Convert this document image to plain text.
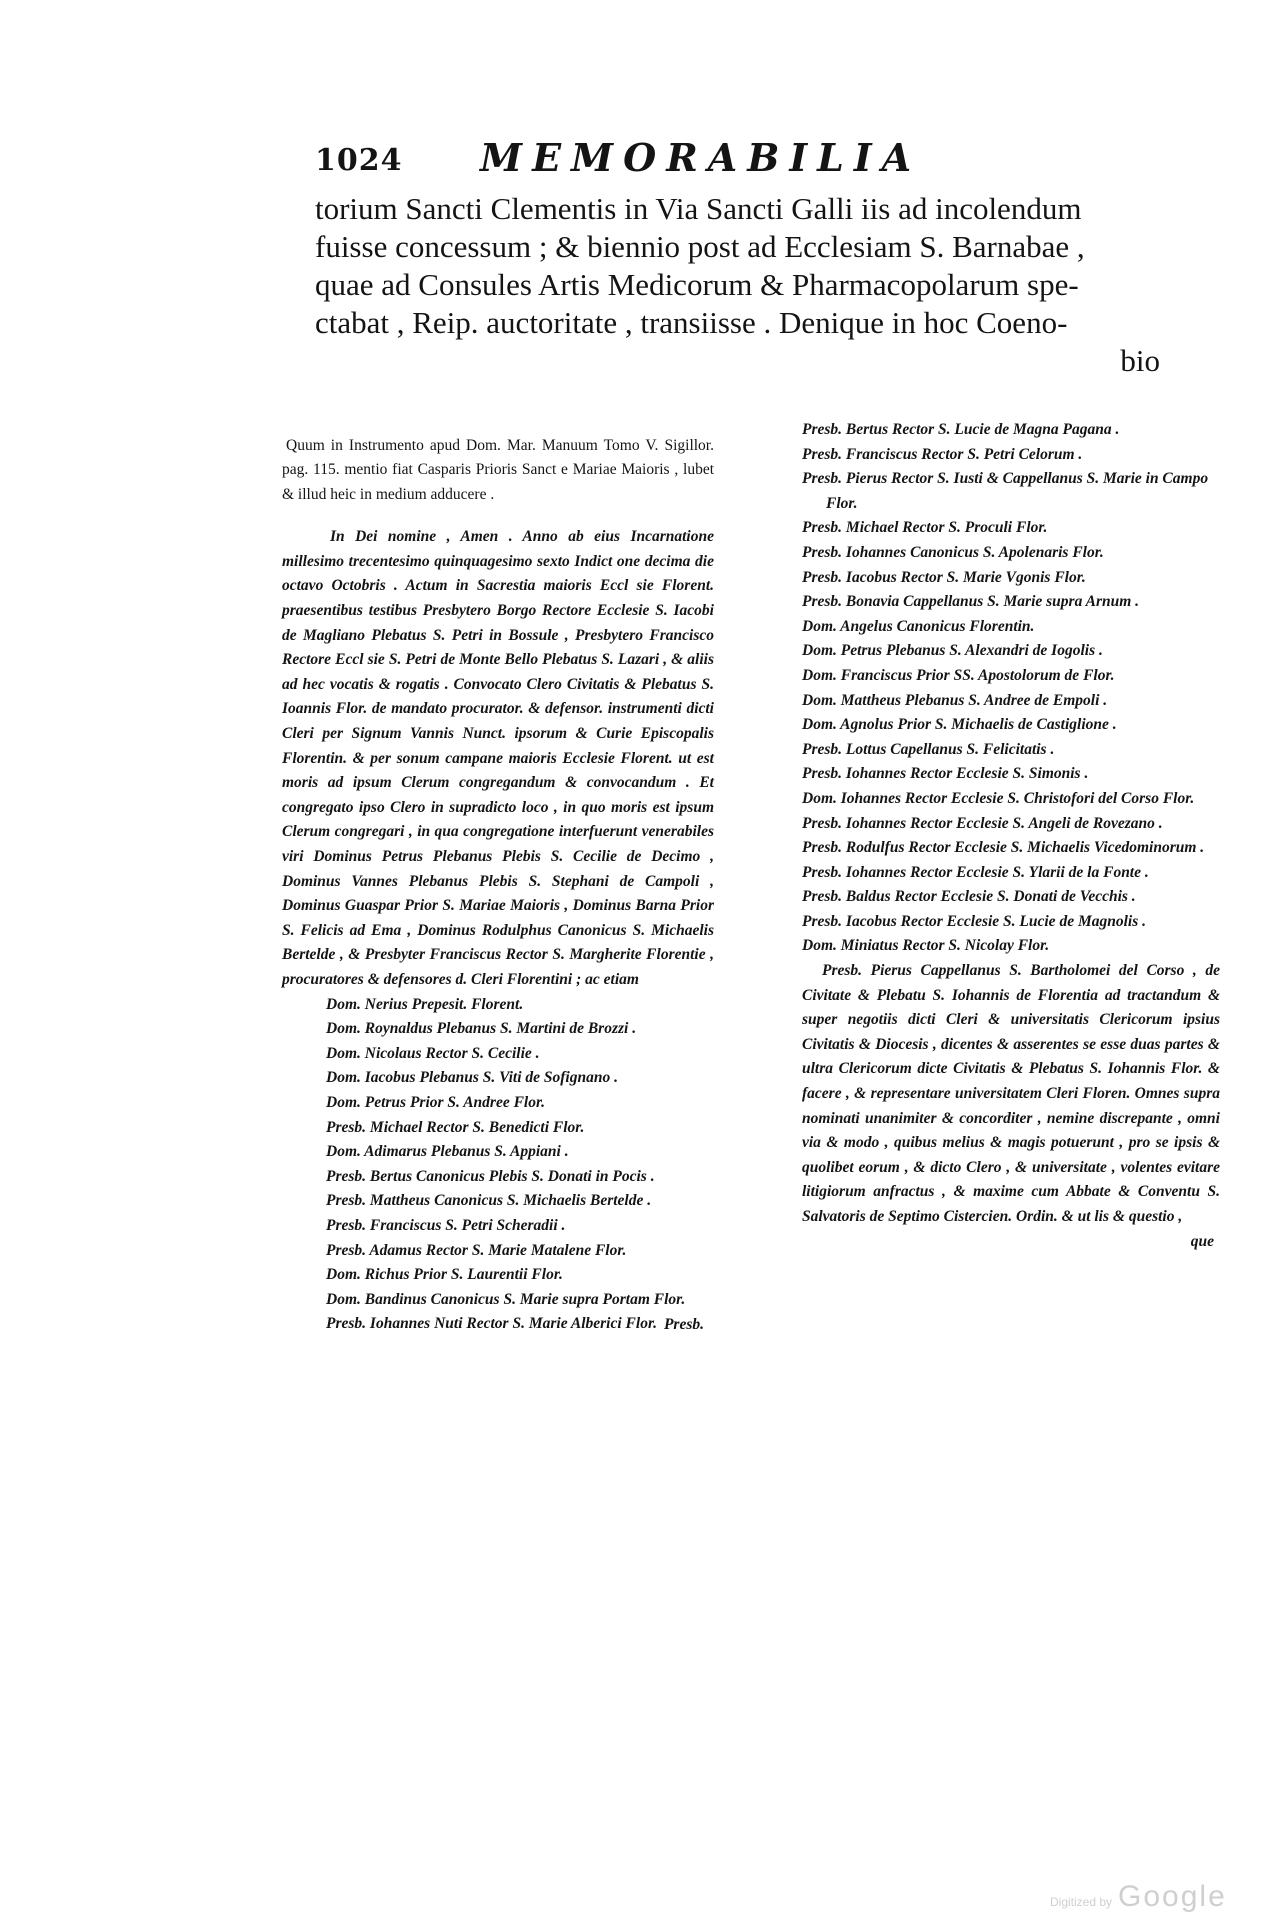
1024 MEMORABILIA
torium Sancti Clementis in Via Sancti Galli iis ad incolendum
fuisse concessum ; & biennio post ad Ecclesiam S. Barnabae ,
quae ad Consules Artis Medicorum & Pharmacopolarum spe-
ctabat , Reip. auctoritate , transiisse . Denique in hoc Coeno-
bio

Quum in Instrumento apud Dom. Mar. Manuum Tomo V. Sigillor. pag. 115. mentio fiat Casparis Prioris Sanct e Mariae Maioris , lubet & illud heic in medium adducere .

In Dei nomine , Amen . Anno ab eius Incarnatione millesimo trecentesimo quinquagesimo sexto Indict one decima die octavo Octobris . Actum in Sacrestia maioris Eccl sie Florent. praesentibus testibus Presbytero Borgo Rectore Ecclesie S. Iacobi de Magliano Plebatus S. Petri in Bossule , Presbytero Francisco Rectore Eccl sie S. Petri de Monte Bello Plebatus S. Lazari , & aliis ad hec vocatis & rogatis . Convocato Clero Civitatis & Plebatus S. Ioannis Flor. de mandato procurator. & defensor. instrumenti dicti Cleri per Signum Vannis Nunct. ipsorum & Curie Episcopalis Florentin. & per sonum campane maioris Ecclesie Florent. ut est moris ad ipsum Clerum congregandum & convocandum . Et congregato ipso Clero in supradicto loco , in quo moris est ipsum Clerum congregari , in qua congregatione interfuerunt venerabiles viri Dominus Petrus Plebanus Plebis S. Cecilie de Decimo , Dominus Vannes Plebanus Plebis S. Stephani de Campoli , Dominus Guaspar Prior S. Mariae Maioris , Dominus Barna Prior S. Felicis ad Ema , Dominus Rodulphus Canonicus S. Michaelis Bertelde , & Presbyter Franciscus Rector S. Margherite Florentie , procuratores & defensores d. Cleri Florentini ; ac etiam

Dom. Nerius Prepesit. Florent.

Dom. Roynaldus Plebanus S. Martini de Brozzi .

Dom. Nicolaus Rector S. Cecilie .

Dom. Iacobus Plebanus S. Viti de Sofignano .

Dom. Petrus Prior S. Andree Flor.

Presb. Michael Rector S. Benedicti Flor.

Dom. Adimarus Plebanus S. Appiani .

Presb. Bertus Canonicus Plebis S. Donati in Pocis .

Presb. Mattheus Canonicus S. Michaelis Bertelde .

Presb. Franciscus S. Petri Scheradii .

Presb. Adamus Rector S. Marie Matalene Flor.

Dom. Richus Prior S. Laurentii Flor.

Dom. Bandinus Canonicus S. Marie supra Portam Flor.

Presb. Iohannes Nuti Rector S. Marie Alberici Flor. Presb.

Presb. Bertus Rector S. Lucie de Magna Pagana .

Presb. Franciscus Rector S. Petri Celorum .

Presb. Pierus Rector S. Iusti & Cappellanus S. Marie in Campo Flor.

Presb. Michael Rector S. Proculi Flor.

Presb. Iohannes Canonicus S. Apolenaris Flor.

Presb. Iacobus Rector S. Marie Vgonis Flor.

Presb. Bonavia Cappellanus S. Marie supra Arnum .

Dom. Angelus Canonicus Florentin.

Dom. Petrus Plebanus S. Alexandri de Iogolis .

Dom. Franciscus Prior SS. Apostolorum de Flor.

Dom. Mattheus Plebanus S. Andree de Empoli .

Dom. Agnolus Prior S. Michaelis de Castiglione .

Presb. Lottus Capellanus S. Felicitatis .

Presb. Iohannes Rector Ecclesie S. Simonis .

Dom. Iohannes Rector Ecclesie S. Christofori del Corso Flor.

Presb. Iohannes Rector Ecclesie S. Angeli de Rovezano .

Presb. Rodulfus Rector Ecclesie S. Michaelis Vicedominorum .

Presb. Iohannes Rector Ecclesie S. Ylarii de la Fonte .

Presb. Baldus Rector Ecclesie S. Donati de Vecchis .

Presb. Iacobus Rector Ecclesie S. Lucie de Magnolis .

Dom. Miniatus Rector S. Nicolay Flor.

Presb. Pierus Cappellanus S. Bartholomei del Corso , de Civitate & Plebatu S. Iohannis de Florentia ad tractandum & super negotiis dicti Cleri & universitatis Clericorum ipsius Civitatis & Diocesis , dicentes & asserentes se esse duas partes & ultra Clericorum dicte Civitatis & Plebatus S. Iohannis Flor. & facere , & representare universitatem Cleri Floren. Omnes supra nominati unanimiter & concorditer , nemine discrepante , omni via & modo , quibus melius & magis potuerunt , pro se ipsis & quolibet eorum , & dicto Clero , & universitate , volentes evitare litigiorum anfractus , & maxime cum Abbate & Conventu S. Salvatoris de Septimo Cistercien. Ordin. & ut lis & questio ,

que

Digitized by Google
